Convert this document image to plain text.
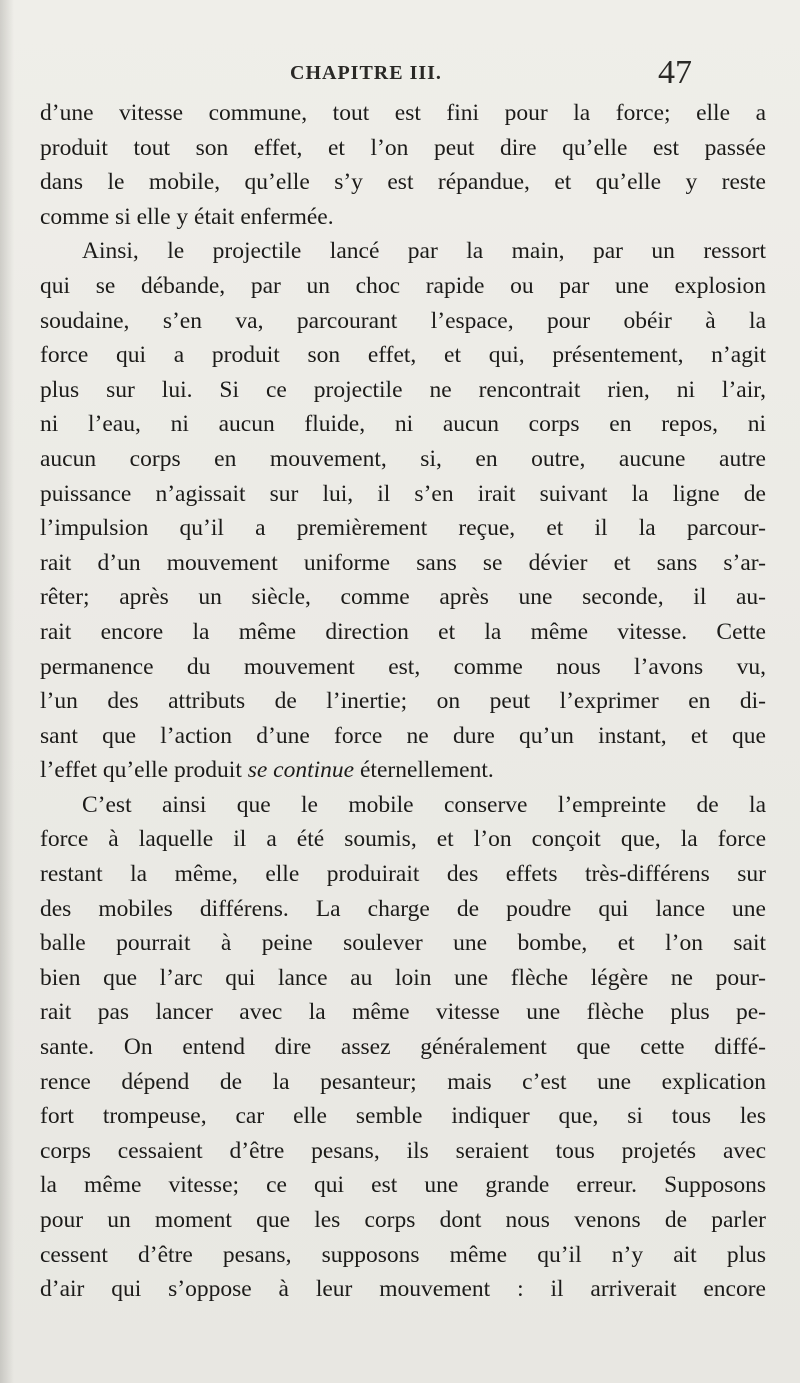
CHAPITRE III.	47
d’une vitesse commune, tout est fini pour la force; elle a
produit tout son effet, et l’on peut dire qu’elle est passée
dans le mobile, qu’elle s’y est répandue, et qu’elle y reste
comme si elle y était enfermée.
Ainsi, le projectile lancé par la main, par un ressort
qui se débande, par un choc rapide ou par une explosion
soudaine, s’en va, parcourant l’espace, pour obéir à la
force qui a produit son effet, et qui, présentement, n’agit
plus sur lui. Si ce projectile ne rencontrait rien, ni l’air,
ni l’eau, ni aucun fluide, ni aucun corps en repos, ni
aucun corps en mouvement, si, en outre, aucune autre
puissance n’agissait sur lui, il s’en irait suivant la ligne de
l’impulsion qu’il a premièrement reçue, et il la parcour-
rait d’un mouvement uniforme sans se dévier et sans s’ar-
rêter; après un siècle, comme après une seconde, il au-
rait encore la même direction et la même vitesse. Cette
permanence du mouvement est, comme nous l’avons vu,
l’un des attributs de l’inertie; on peut l’exprimer en di-
sant que l’action d’une force ne dure qu’un instant, et que
l’effet qu’elle produit se continue éternellement.
C’est ainsi que le mobile conserve l’empreinte de la
force à laquelle il a été soumis, et l’on conçoit que, la force
restant la même, elle produirait des effets très-différens sur
des mobiles différens. La charge de poudre qui lance une
balle pourrait à peine soulever une bombe, et l’on sait
bien que l’arc qui lance au loin une flèche légère ne pour-
rait pas lancer avec la même vitesse une flèche plus pe-
sante. On entend dire assez généralement que cette diffé-
rence dépend de la pesanteur; mais c’est une explication
fort trompeuse, car elle semble indiquer que, si tous les
corps cessaient d’être pesans, ils seraient tous projetés avec
la même vitesse; ce qui est une grande erreur. Supposons
pour un moment que les corps dont nous venons de parler
cessent d’être pesans, supposons même qu’il n’y ait plus
d’air qui s’oppose à leur mouvement : il arriverait encore
